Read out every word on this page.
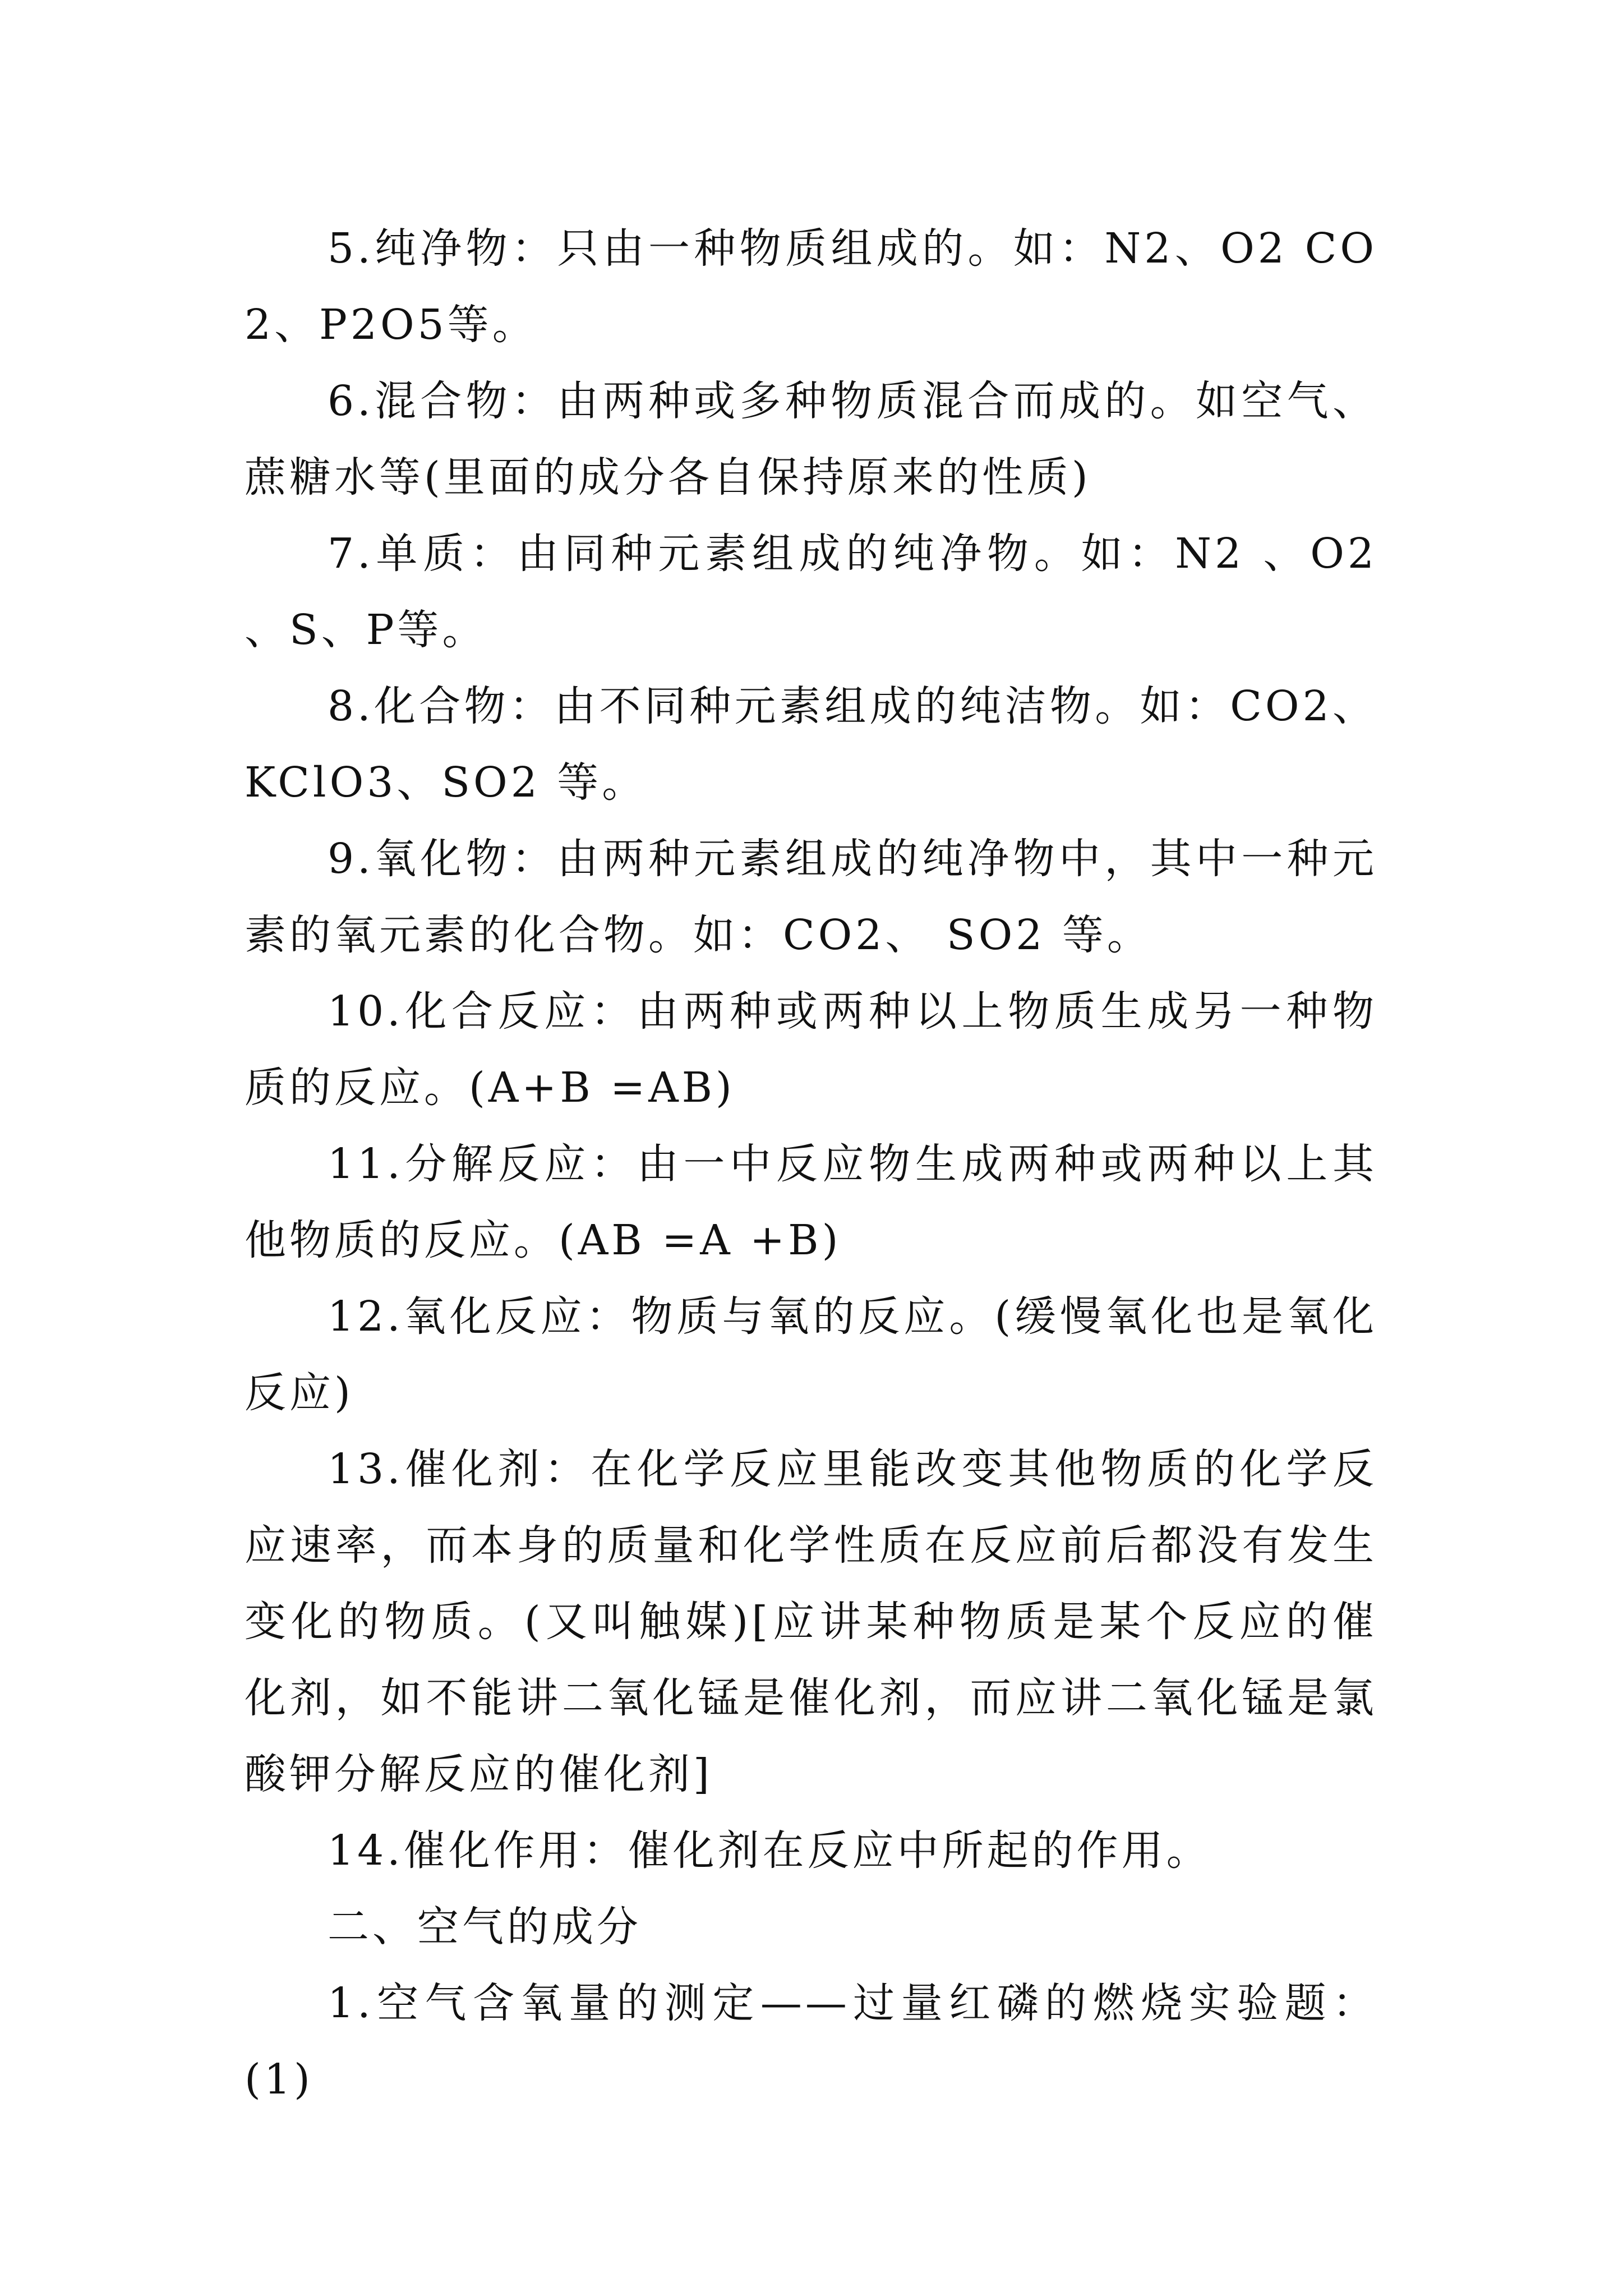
5.纯净物：只由一种物质组成的。如：N2、O2 CO2、P2O5等。

6.混合物：由两种或多种物质混合而成的。如空气、蔗糖水等(里面的成分各自保持原来的性质)

7.单质：由同种元素组成的纯净物。如：N2 、O2 、S、P等。

8.化合物：由不同种元素组成的纯洁物。如：CO2、KClO3、SO2 等。

9.氧化物：由两种元素组成的纯净物中，其中一种元素的氧元素的化合物。如：CO2、 SO2 等。

10.化合反应：由两种或两种以上物质生成另一种物质的反应。(A+B =AB)

11.分解反应：由一中反应物生成两种或两种以上其他物质的反应。(AB =A +B)

12.氧化反应：物质与氧的反应。(缓慢氧化也是氧化反应)

13.催化剂：在化学反应里能改变其他物质的化学反应速率，而本身的质量和化学性质在反应前后都没有发生变化的物质。(又叫触媒)[应讲某种物质是某个反应的催化剂，如不能讲二氧化锰是催化剂，而应讲二氧化锰是氯酸钾分解反应的催化剂]

14.催化作用：催化剂在反应中所起的作用。

二、空气的成分

1.空气含氧量的测定——过量红磷的燃烧实验题：(1)
